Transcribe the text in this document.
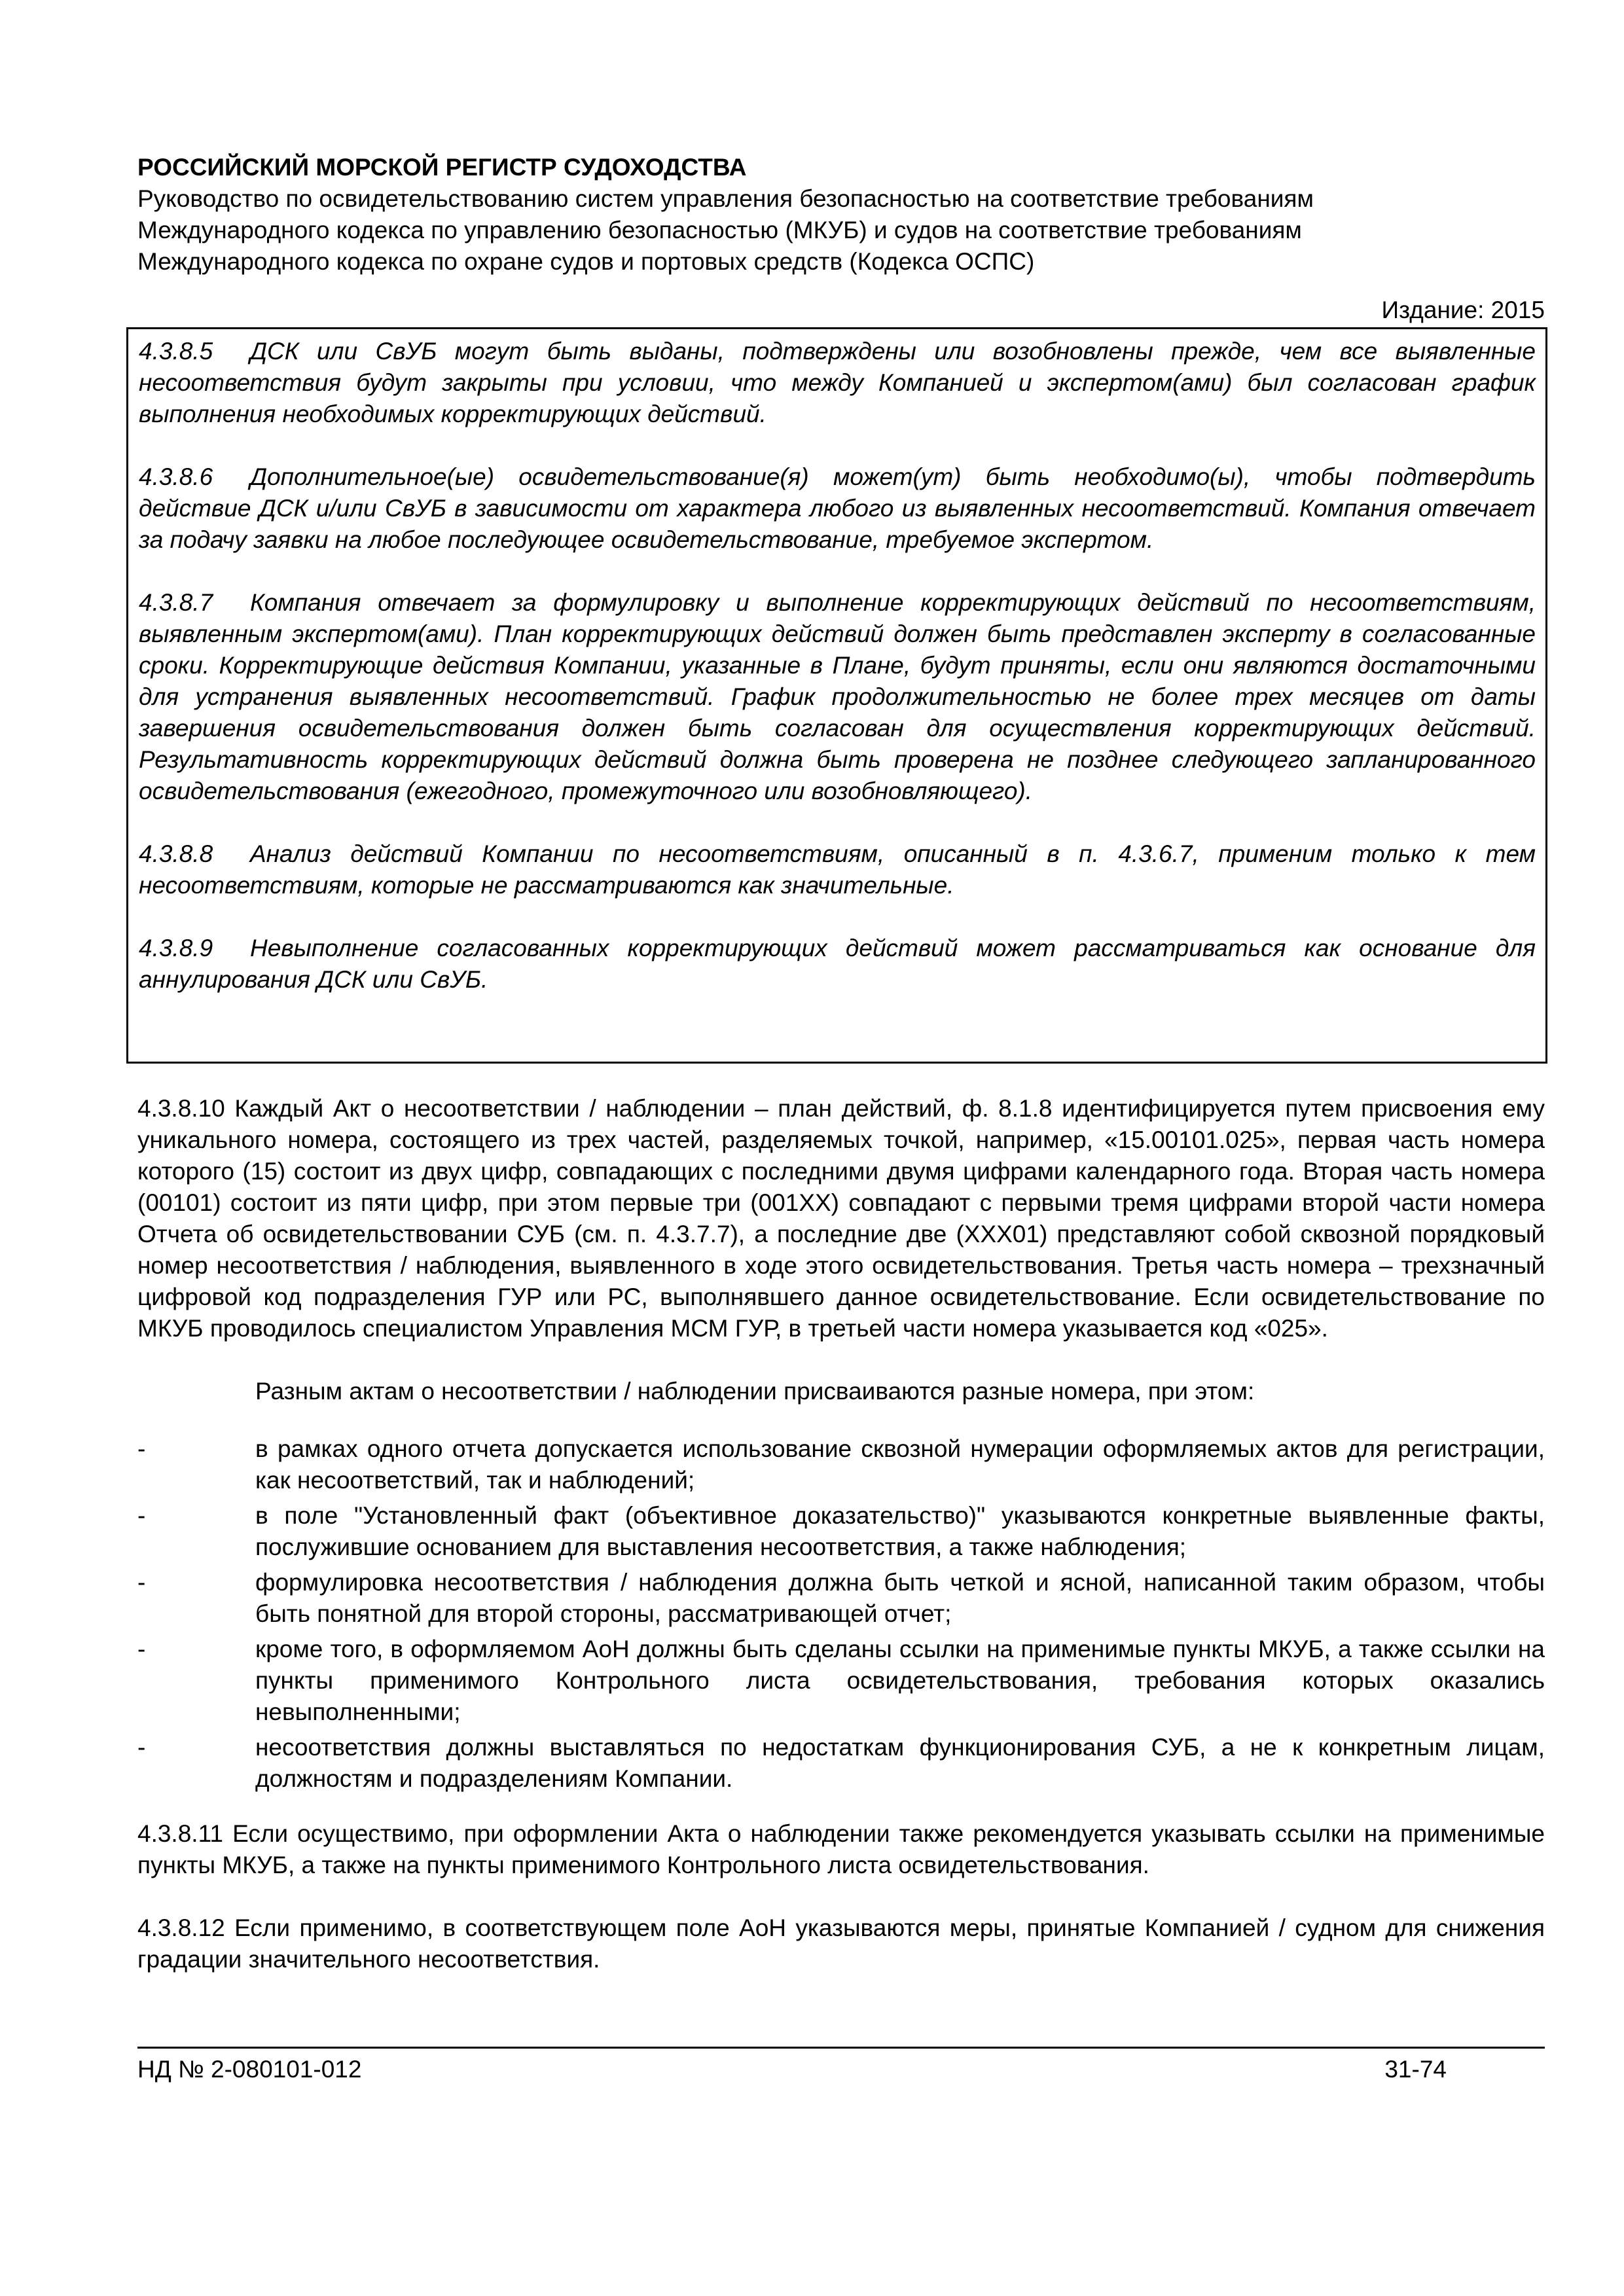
РОССИЙСКИЙ МОРСКОЙ РЕГИСТР СУДОХОДСТВА

Руководство по освидетельствованию систем управления безопасностью на соответствие требованиям

Международного кодекса по управлению безопасностью (МКУБ) и судов на соответствие требованиям

Международного кодекса по охране судов и портовых средств (Кодекса ОСПС)

Издание: 2015

4.3.8.5 ДСК или СвУБ могут быть выданы, подтверждены или возобновлены прежде, чем все выявленные несоответствия будут закрыты при условии, что между Компанией и экспертом(ами) был согласован график выполнения необходимых корректирующих действий.

4.3.8.6 Дополнительное(ые) освидетельствование(я) может(ут) быть необходимо(ы), чтобы подтвердить действие ДСК и/или СвУБ в зависимости от характера любого из выявленных несоответствий. Компания отвечает за подачу заявки на любое последующее освидетельствование, требуемое экспертом.

4.3.8.7 Компания отвечает за формулировку и выполнение корректирующих действий по несоответствиям, выявленным экспертом(ами). План корректирующих действий должен быть представлен эксперту в согласованные сроки. Корректирующие действия Компании, указанные в Плане, будут приняты, если они являются достаточными для устранения выявленных несоответствий. График продолжительностью не более трех месяцев от даты завершения освидетельствования должен быть согласован для осуществления корректирующих действий. Результативность корректирующих действий должна быть проверена не позднее следующего запланированного освидетельствования (ежегодного, промежуточного или возобновляющего).

4.3.8.8 Анализ действий Компании по несоответствиям, описанный в п. 4.3.6.7, применим только к тем несоответствиям, которые не рассматриваются как значительные.

4.3.8.9 Невыполнение согласованных корректирующих действий может рассматриваться как основание для аннулирования ДСК или СвУБ.

4.3.8.10 Каждый Акт о несоответствии / наблюдении – план действий, ф. 8.1.8 идентифицируется путем присвоения ему уникального номера, состоящего из трех частей, разделяемых точкой, например, «15.00101.025», первая часть номера которого (15) состоит из двух цифр, совпадающих с последними двумя цифрами календарного года. Вторая часть номера (00101) состоит из пяти цифр, при этом первые три (001XX) совпадают с первыми тремя цифрами второй части номера Отчета об освидетельствовании СУБ (см. п. 4.3.7.7), а последние две (XXX01) представляют собой сквозной порядковый номер несоответствия / наблюдения, выявленного в ходе этого освидетельствования. Третья часть номера – трехзначный цифровой код подразделения ГУР или РС, выполнявшего данное освидетельствование. Если освидетельствование по МКУБ проводилось специалистом Управления МСМ ГУР, в третьей части номера указывается код «025».

Разным актам о несоответствии / наблюдении присваиваются разные номера, при этом:

-	в рамках одного отчета допускается использование сквозной нумерации оформляемых актов для регистрации, как несоответствий, так и наблюдений;
-	в поле "Установленный факт (объективное доказательство)" указываются конкретные выявленные факты, послужившие основанием для выставления несоответствия, а также наблюдения;
-	формулировка несоответствия / наблюдения должна быть четкой и ясной, написанной таким образом, чтобы быть понятной для второй стороны, рассматривающей отчет;
-	кроме того, в оформляемом АоН должны быть сделаны ссылки на применимые пункты МКУБ, а также ссылки на пункты применимого Контрольного листа освидетельствования, требования которых оказались невыполненными;
-	несоответствия должны выставляться по недостаткам функционирования СУБ, а не к конкретным лицам, должностям и подразделениям Компании.

4.3.8.11 Если осуществимо, при оформлении Акта о наблюдении также рекомендуется указывать ссылки на применимые пункты МКУБ, а также на пункты применимого Контрольного листа освидетельствования.

4.3.8.12 Если применимо, в соответствующем поле АоН указываются меры, принятые Компанией / судном для снижения градации значительного несоответствия.

НД № 2-080101-012	31-74
